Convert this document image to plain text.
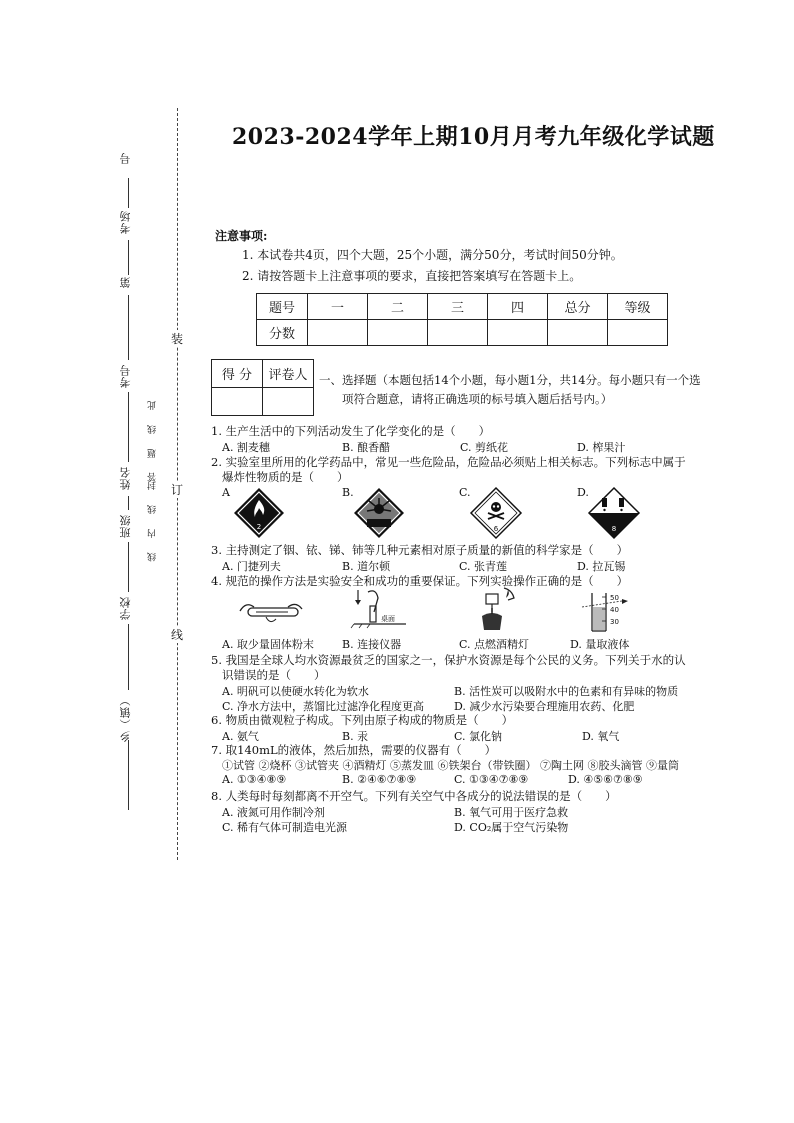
号
考场
第
考号
姓名
班级
学校
乡（镇）
答 题 线 此
线 内 线 封
装
订
线
2023-2024学年上期10月月考九年级化学试题
注意事项:
1. 本试卷共4页，四个大题，25个小题，满分50分，考试时间50分钟。
2. 请按答题卡上注意事项的要求，直接把答案填写在答题卡上。
题号	一	二	三	四	总分	等级
分数						
得 分	评卷人
	一、选择题（本题包括14个小题，每小题1分，共14分。每小题只有一个选
项符合题意，请将正确选项的标号填入题后括号内。）
1. 生产生活中的下列活动发生了化学变化的是（　　）
A. 割麦穗	B. 酿香醋	C. 剪纸花	D. 榨果汁
2. 实验室里所用的化学药品中，常见一些危险品，危险品必须贴上相关标志。下列标志中属于
爆炸性物质的是（　　）
A	B.	C.	D.
2	6	8
3. 主持测定了铟、铱、锑、铈等几种元素相对原子质量的新值的科学家是（　　）
A. 门捷列夫	B. 道尔顿	C. 张青莲	D. 拉瓦锡
4. 规范的操作方法是实验安全和成功的重要保证。下列实验操作正确的是（　　）
桌面
50
40
30
A. 取少量固体粉末	B. 连接仪器	C. 点燃酒精灯	D. 量取液体
5. 我国是全球人均水资源最贫乏的国家之一，保护水资源是每个公民的义务。下列关于水的认
识错误的是（　　）
A. 明矾可以使硬水转化为软水	B. 活性炭可以吸附水中的色素和有异味的物质
C. 净水方法中，蒸馏比过滤净化程度更高	D. 减少水污染要合理施用农药、化肥
6. 物质由微观粒子构成。下列由原子构成的物质是（　　）
A. 氨气	B. 汞	C. 氯化钠	D. 氧气
7. 取140mL的液体，然后加热，需要的仪器有（　　）
①试管 ②烧杯 ③试管夹 ④酒精灯 ⑤蒸发皿 ⑥铁架台（带铁圈） ⑦陶土网 ⑧胶头滴管 ⑨量筒
A. ①③④⑧⑨	B. ②④⑥⑦⑧⑨	C. ①③④⑦⑧⑨	D. ④⑤⑥⑦⑧⑨
8. 人类每时每刻都离不开空气。下列有关空气中各成分的说法错误的是（　　）
A. 液氮可用作制冷剂	B. 氧气可用于医疗急救
C. 稀有气体可制造电光源	D. CO₂属于空气污染物
